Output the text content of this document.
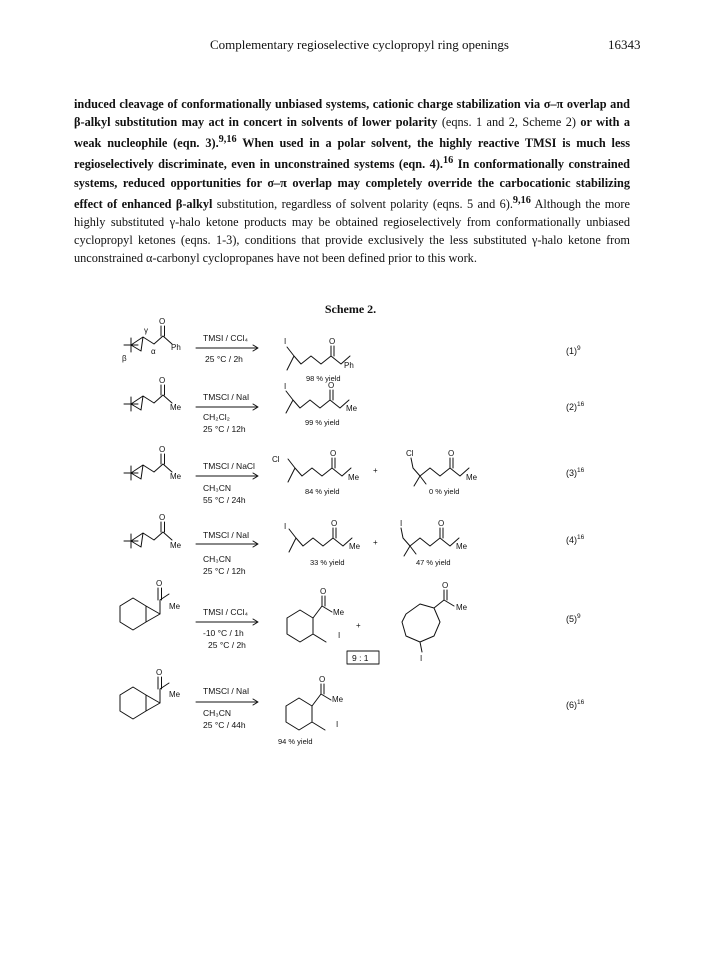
Complementary regioselective cyclopropyl ring openings	16343
induced cleavage of conformationally unbiased systems, cationic charge stabilization via σ–π overlap and β-alkyl substitution may act in concert in solvents of lower polarity (eqns. 1 and 2, Scheme 2) or with a weak nucleophile (eqn. 3).$^{9,16}$ When used in a polar solvent, the highly reactive TMSI is much less regioselectively discriminate, even in unconstrained systems (eqn. 4).$^{16}$ In conformationally constrained systems, reduced opportunities for σ–π overlap may completely override the carbocationic stabilizing effect of enhanced β-alkyl substitution, regardless of solvent polarity (eqns. 5 and 6).$^{9,16}$ Although the more highly substituted γ-halo ketone products may be obtained regioselectively from conformationally unbiased cyclopropyl ketones (eqns. 1-3), conditions that provide exclusively the less substituted γ-halo ketone from unconstrained α-carbonyl cyclopropanes have not been defined prior to this work.
Scheme 2.
γ
β
α
O
Ph
TMSI / CCl₄
25 °C / 2h
I	O
Ph
98 % yield
$(1)^9$
O
Me
TMSCl / NaI
CH₂Cl₂
25 °C / 12h
I	O
Me
99 % yield
$(2)^{16}$
O
Me
TMSCl / NaCl
CH₃CN
55 °C / 24h
Cl
O
Me
84 % yield
+
Cl	O
Me
0 % yield
$(3)^{16}$
O
Me
TMSCl / NaI
CH₃CN
25 °C / 12h
I	O
Me
33 % yield
+
I	O
Me
47 % yield
$(4)^{16}$
O
Me
TMSI / CCl₄
-10 °C / 1h
25 °C / 2h
O
Me
I
+
O
Me
I
9 : 1
$(5)^9$
O
Me	TMSCl / NaI
CH₃CN
25 °C / 44h
O
Me
I
94 % yield
$(6)^{16}$
